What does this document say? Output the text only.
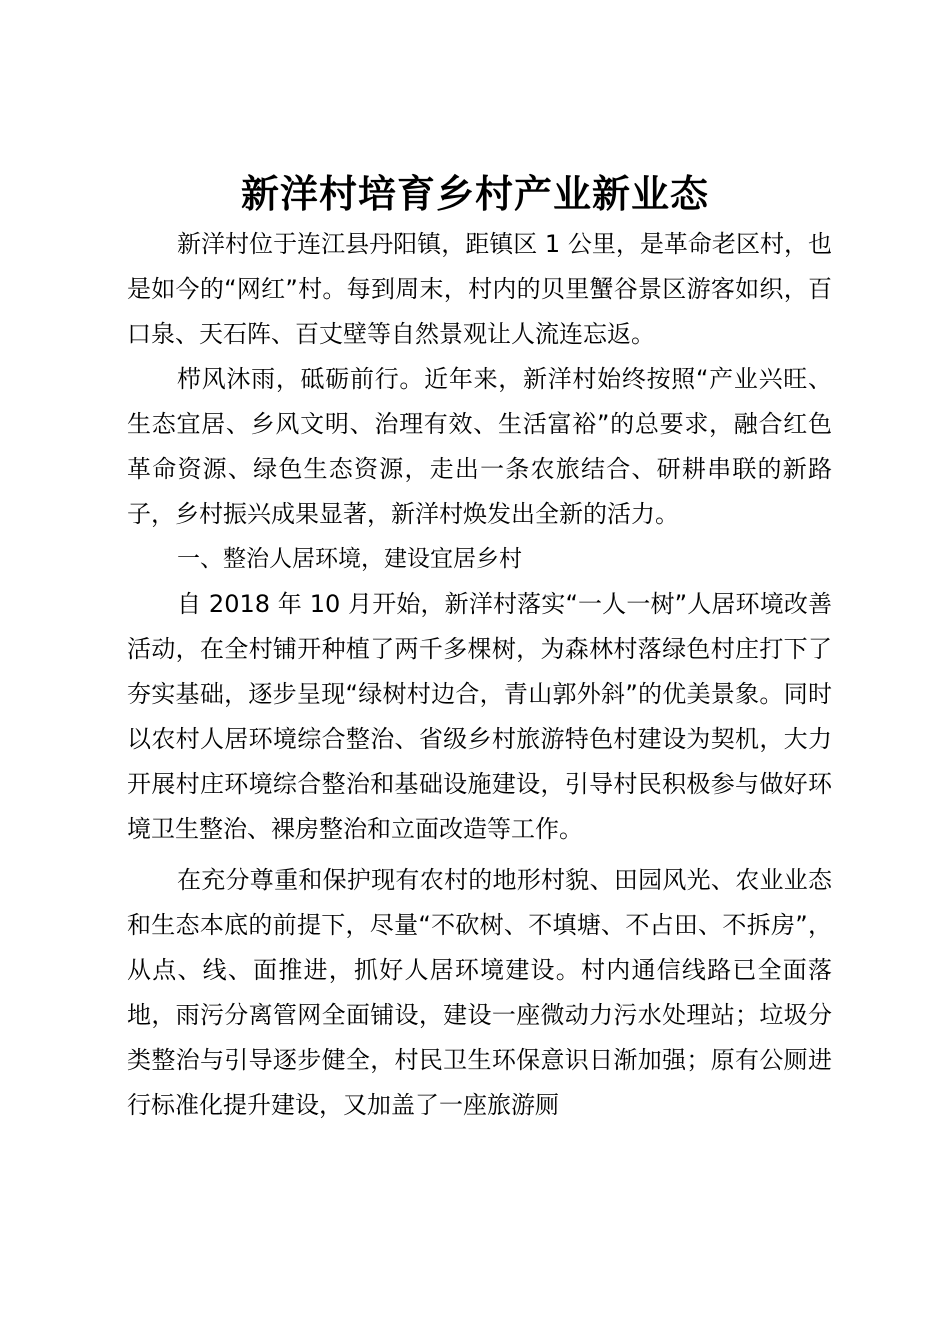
新洋村培育乡村产业新业态

新洋村位于连江县丹阳镇，距镇区 1 公里，是革命老区村，也是如今的“网红”村。每到周末，村内的贝里蟹谷景区游客如织，百口泉、天石阵、百丈壁等自然景观让人流连忘返。

栉风沐雨，砥砺前行。近年来，新洋村始终按照“产业兴旺、生态宜居、乡风文明、治理有效、生活富裕”的总要求，融合红色革命资源、绿色生态资源，走出一条农旅结合、研耕串联的新路子，乡村振兴成果显著，新洋村焕发出全新的活力。

一、整治人居环境，建设宜居乡村

自 2018 年 10 月开始，新洋村落实“一人一树”人居环境改善活动，在全村铺开种植了两千多棵树，为森林村落绿色村庄打下了夯实基础，逐步呈现“绿树村边合，青山郭外斜”的优美景象。同时以农村人居环境综合整治、省级乡村旅游特色村建设为契机，大力开展村庄环境综合整治和基础设施建设，引导村民积极参与做好环境卫生整治、裸房整治和立面改造等工作。

在充分尊重和保护现有农村的地形村貌、田园风光、农业业态和生态本底的前提下，尽量“不砍树、不填塘、不占田、不拆房”，从点、线、面推进，抓好人居环境建设。村内通信线路已全面落地，雨污分离管网全面铺设，建设一座微动力污水处理站；垃圾分类整治与引导逐步健全，村民卫生环保意识日渐加强；原有公厕进行标准化提升建设，又加盖了一座旅游厕
